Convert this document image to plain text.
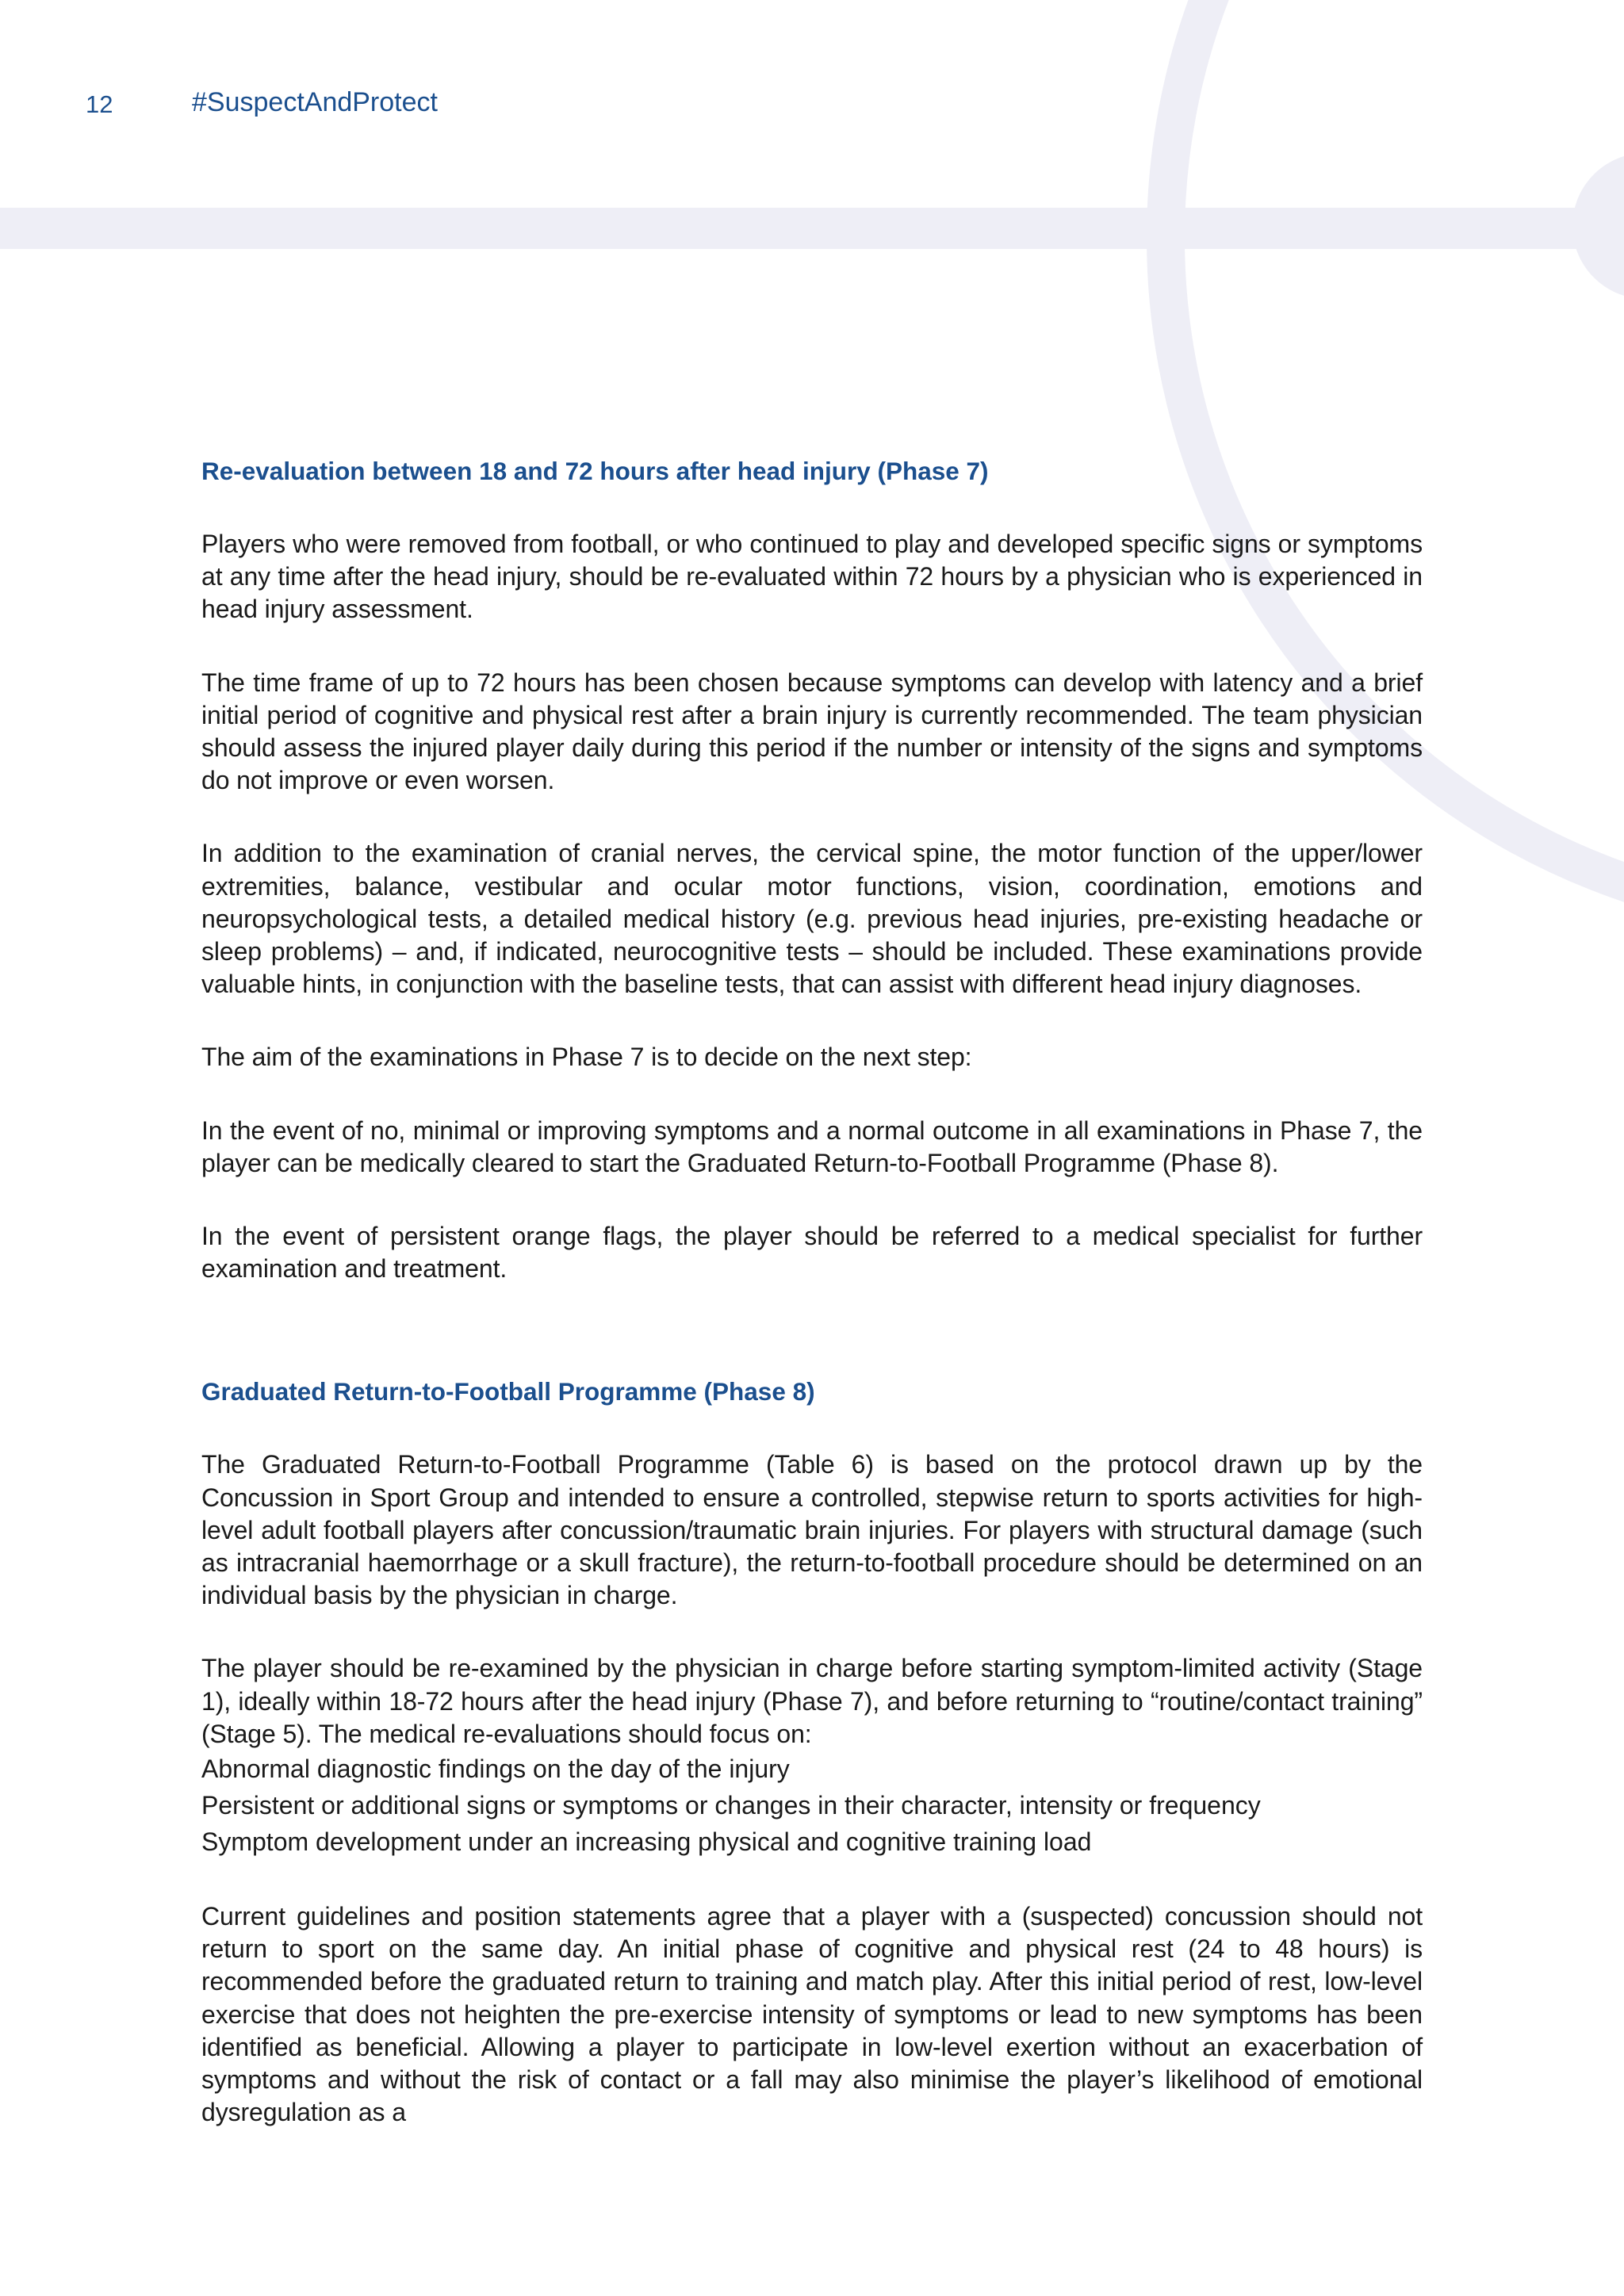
12	#SuspectAndProtect
Re-evaluation between 18 and 72 hours after head injury (Phase 7)

Players who were removed from football, or who continued to play and developed specific signs or symptoms at any time after the head injury, should be re-evaluated within 72 hours by a physician who is experienced in head injury assessment.

The time frame of up to 72 hours has been chosen because symptoms can develop with latency and a brief initial period of cognitive and physical rest after a brain injury is currently recommended. The team physician should assess the injured player daily during this period if the number or intensity of the signs and symptoms do not improve or even worsen.

In addition to the examination of cranial nerves, the cervical spine, the motor function of the upper/lower extremities, balance, vestibular and ocular motor functions, vision, coordination, emotions and neuropsychological tests, a detailed medical history (e.g. previous head injuries, pre-existing headache or sleep problems) – and, if indicated, neurocognitive tests – should be included. These examinations provide valuable hints, in conjunction with the baseline tests, that can assist with different head injury diagnoses.

The aim of the examinations in Phase 7 is to decide on the next step:

In the event of no, minimal or improving symptoms and a normal outcome in all examinations in Phase 7, the player can be medically cleared to start the Graduated Return-to-Football Programme (Phase 8).

In the event of persistent orange flags, the player should be referred to a medical specialist for further examination and treatment.

Graduated Return-to-Football Programme (Phase 8)

The Graduated Return-to-Football Programme (Table 6) is based on the protocol drawn up by the Concussion in Sport Group and intended to ensure a controlled, stepwise return to sports activities for high-level adult football players after concussion/traumatic brain injuries. For players with structural damage (such as intracranial haemorrhage or a skull fracture), the return-to-football procedure should be determined on an individual basis by the physician in charge.

The player should be re-examined by the physician in charge before starting symptom-limited activity (Stage 1), ideally within 18-72 hours after the head injury (Phase 7), and before returning to “routine/contact training” (Stage 5). The medical re-evaluations should focus on:

Abnormal diagnostic findings on the day of the injury
Persistent or additional signs or symptoms or changes in their character, intensity or frequency
Symptom development under an increasing physical and cognitive training load

Current guidelines and position statements agree that a player with a (suspected) concussion should not return to sport on the same day. An initial phase of cognitive and physical rest (24 to 48 hours) is recommended before the graduated return to training and match play. After this initial period of rest, low-level exercise that does not heighten the pre-exercise intensity of symptoms or lead to new symptoms has been identified as beneficial. Allowing a player to participate in low-level exertion without an exacerbation of symptoms and without the risk of contact or a fall may also minimise the player’s likelihood of emotional dysregulation as a
